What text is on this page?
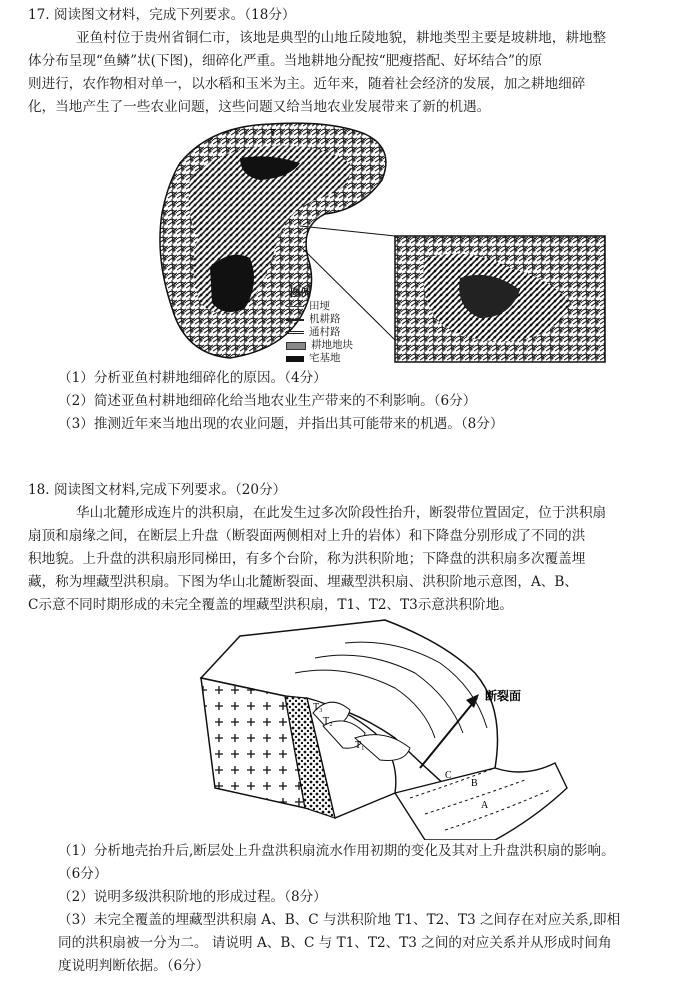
17. 阅读图文材料，完成下列要求。（18分）
亚鱼村位于贵州省铜仁市，该地是典型的山地丘陵地貌，耕地类型主要是坡耕地，耕地整
体分布呈现“鱼鳞”状(下图)，细碎化严重。当地耕地分配按“肥瘦搭配、好坏结合”的原
则进行，农作物相对单一，以水稻和玉米为主。近年来，随着社会经济的发展，加之耕地细碎
化，当地产生了一些农业问题，这些问题又给当地农业发展带来了新的机遇。
T
图例
田埂
机耕路
通村路
耕地地块
宅基地
（1）分析亚鱼村耕地细碎化的原因。（4分）
（2）简述亚鱼村耕地细碎化给当地农业生产带来的不利影响。（6分）
（3）推测近年来当地出现的农业问题，并指出其可能带来的机遇。（8分）
18. 阅读图文材料,完成下列要求。（20分）
华山北麓形成连片的洪积扇，在此发生过多次阶段性抬升，断裂带位置固定，位于洪积扇
扇顶和扇缘之间，在断层上升盘（断裂面两侧相对上升的岩体）和下降盘分别形成了不同的洪
积地貌。上升盘的洪积扇形同梯田，有多个台阶，称为洪积阶地；下降盘的洪积扇多次覆盖埋
藏，称为埋藏型洪积扇。下图为华山北麓断裂面、埋藏型洪积扇、洪积阶地示意图，A、B、
C示意不同时期形成的未完全覆盖的埋藏型洪积扇，T1、T2、T3示意洪积阶地。
断裂面
T₃
T₂
T₁
C
B
A
（1）分析地壳抬升后,断层处上升盘洪积扇流水作用初期的变化及其对上升盘洪积扇的影响。
（6分）
（2）说明多级洪积阶地的形成过程。（8分）
（3）未完全覆盖的埋藏型洪积扇 A、B、C 与洪积阶地 T1、T2、T3 之间存在对应关系,即相
同的洪积扇被一分为二。 请说明 A、B、C 与 T1、T2、T3 之间的对应关系并从形成时间角
度说明判断依据。（6分）
